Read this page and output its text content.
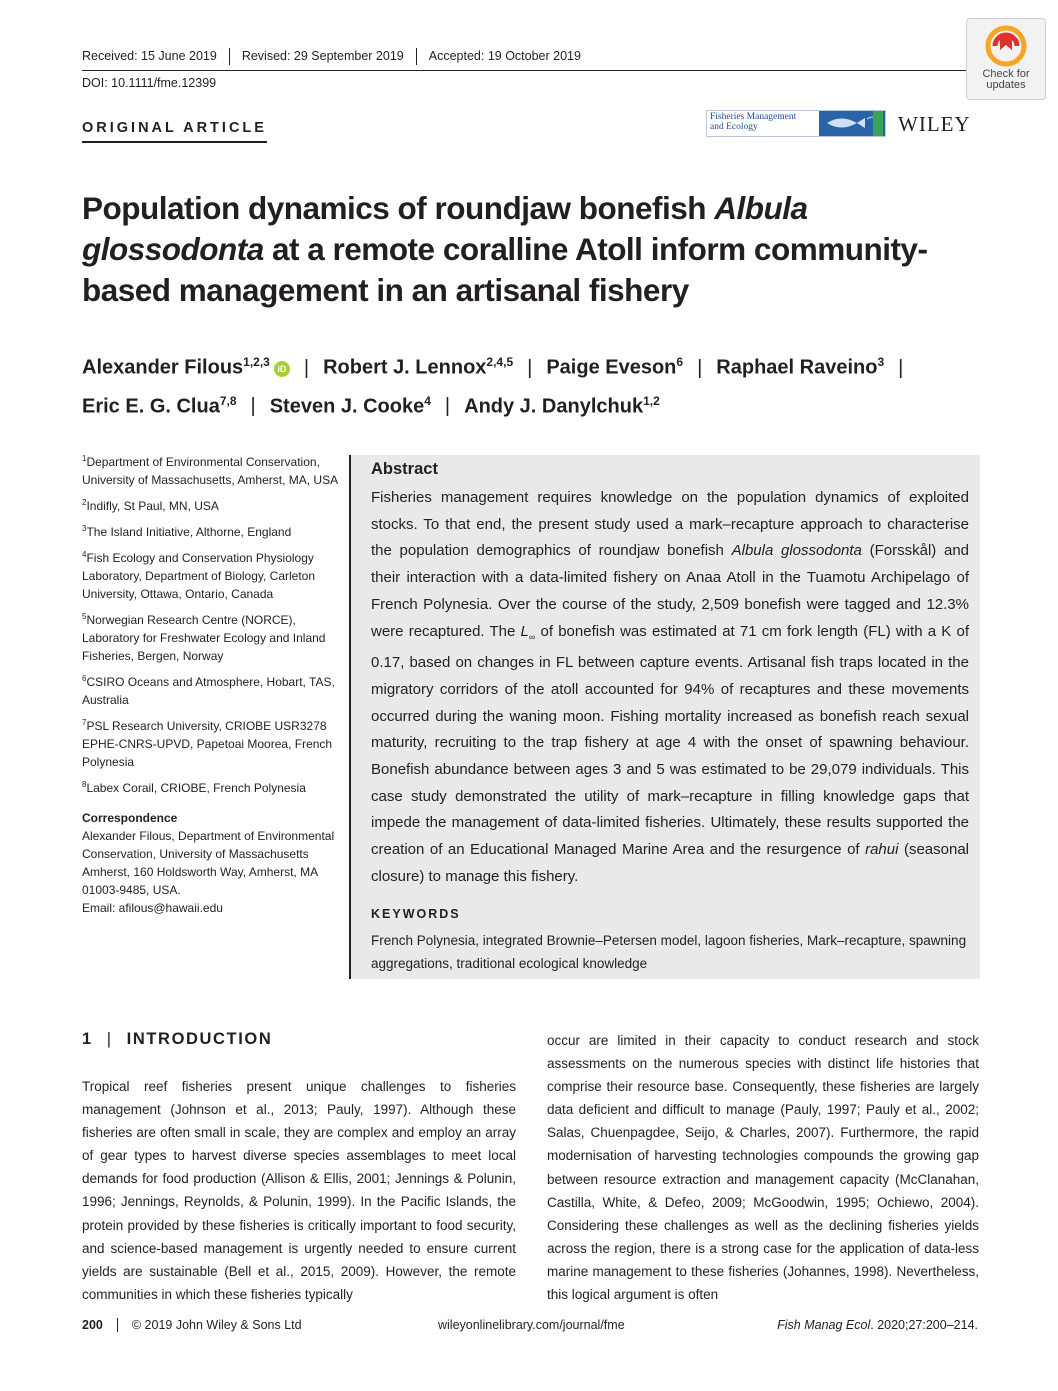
Received: 15 June 2019	Revised: 29 September 2019	Accepted: 19 October 2019
DOI: 10.1111/fme.12399
ORIGINAL ARTICLE
Check for
updates
Fisheries Management
and Ecology	WILEY
Population dynamics of roundjaw bonefish Albula glossodonta at a remote coralline Atoll inform community-based management in an artisanal fishery
Alexander Filous$^{1,2,3}$ iD | Robert J. Lennox$^{2,4,5}$ | Paige Eveson$^6$ | Raphael Raveino$^3$ |
Eric E. G. Clua$^{7,8}$ | Steven J. Cooke$^4$ | Andy J. Danylchuk$^{1,2}$

$^1$Department of Environmental Conservation, University of Massachusetts, Amherst, MA, USA

$^2$Indifly, St Paul, MN, USA

$^3$The Island Initiative, Althorne, England

$^4$Fish Ecology and Conservation Physiology Laboratory, Department of Biology, Carleton University, Ottawa, Ontario, Canada

$^5$Norwegian Research Centre (NORCE), Laboratory for Freshwater Ecology and Inland Fisheries, Bergen, Norway

$^6$CSIRO Oceans and Atmosphere, Hobart, TAS, Australia

$^7$PSL Research University, CRIOBE USR3278 EPHE-CNRS-UPVD, Papetoai Moorea, French Polynesia

$^8$Labex Corail, CRIOBE, French Polynesia

Correspondence

Alexander Filous, Department of Environmental Conservation, University of Massachusetts Amherst, 160 Holdsworth Way, Amherst, MA 01003-9485, USA.
Email: afilous@hawaii.edu

Abstract
Fisheries management requires knowledge on the population dynamics of exploited stocks. To that end, the present study used a mark–recapture approach to characterise the population demographics of roundjaw bonefish Albula glossodonta (Forsskål) and their interaction with a data-limited fishery on Anaa Atoll in the Tuamotu Archipelago of French Polynesia. Over the course of the study, 2,509 bonefish were tagged and 12.3% were recaptured. The $L_\infty$ of bonefish was estimated at 71 cm fork length (FL) with a K of 0.17, based on changes in FL between capture events. Artisanal fish traps located in the migratory corridors of the atoll accounted for 94% of recaptures and these movements occurred during the waning moon. Fishing mortality increased as bonefish reach sexual maturity, recruiting to the trap fishery at age 4 with the onset of spawning behaviour. Bonefish abundance between ages 3 and 5 was estimated to be 29,079 individuals. This case study demonstrated the utility of mark–recapture in filling knowledge gaps that impede the management of data-limited fisheries. Ultimately, these results supported the creation of an Educational Managed Marine Area and the resurgence of rahui (seasonal closure) to manage this fishery.
KEYWORDS
French Polynesia, integrated Brownie–Petersen model, lagoon fisheries, Mark–recapture, spawning aggregations, traditional ecological knowledge
1 | INTRODUCTION
Tropical reef fisheries present unique challenges to fisheries management (Johnson et al., 2013; Pauly, 1997). Although these fisheries are often small in scale, they are complex and employ an array of gear types to harvest diverse species assemblages to meet local demands for food production (Allison & Ellis, 2001; Jennings & Polunin, 1996; Jennings, Reynolds, & Polunin, 1999). In the Pacific Islands, the protein provided by these fisheries is critically important to food security, and science-based management is urgently needed to ensure current yields are sustainable (Bell et al., 2015, 2009). However, the remote communities in which these fisheries typically
occur are limited in their capacity to conduct research and stock assessments on the numerous species with distinct life histories that comprise their resource base. Consequently, these fisheries are largely data deficient and difficult to manage (Pauly, 1997; Pauly et al., 2002; Salas, Chuenpagdee, Seijo, & Charles, 2007). Furthermore, the rapid modernisation of harvesting technologies compounds the growing gap between resource extraction and management capacity (McClanahan, Castilla, White, & Defeo, 2009; McGoodwin, 1995; Ochiewo, 2004). Considering these challenges as well as the declining fisheries yields across the region, there is a strong case for the application of data-less marine management to these fisheries (Johannes, 1998). Nevertheless, this logical argument is often
200	© 2019 John Wiley & Sons Ltd	wileyonlinelibrary.com/journal/fme	Fish Manag Ecol. 2020;27:200–214.
